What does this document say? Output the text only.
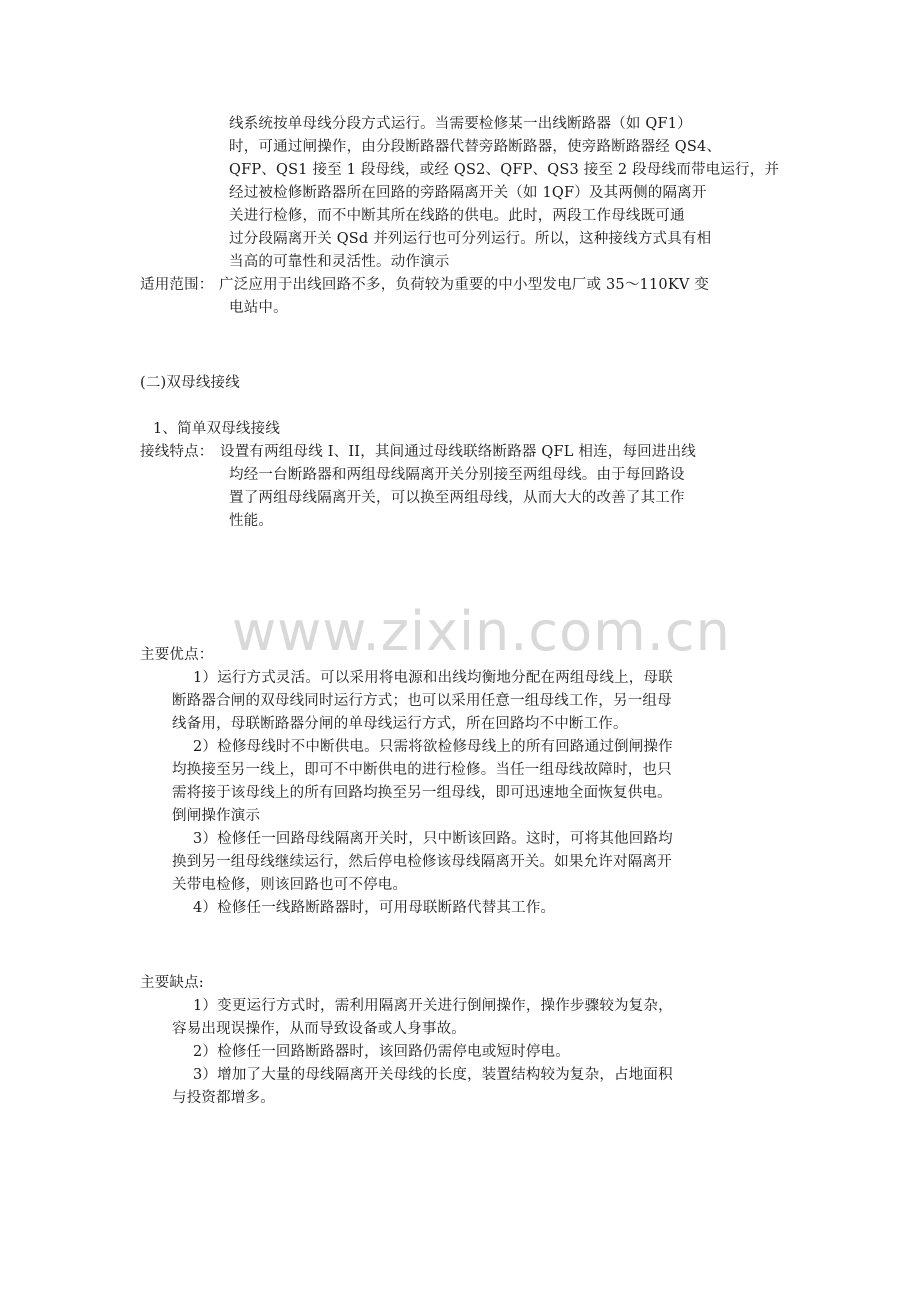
线系统按单母线分段方式运行。当需要检修某一出线断路器（如 QF1）
时，可通过闸操作，由分段断路器代替旁路断路器，使旁路断路器经 QS4、
QFP、QS1 接至 1 段母线，或经 QS2、QFP、QS3 接至 2 段母线而带电运行，并
经过被检修断路器所在回路的旁路隔离开关（如 1QF）及其两侧的隔离开
关进行检修，而不中断其所在线路的供电。此时，两段工作母线既可通
过分段隔离开关 QSd 并列运行也可分列运行。所以，这种接线方式具有相
当高的可靠性和灵活性。动作演示
适用范围： 广泛应用于出线回路不多，负荷较为重要的中小型发电厂或 35～110KV 变
电站中。
(二)双母线接线
1、简单双母线接线
接线特点： 设置有两组母线 I、II，其间通过母线联络断路器 QFL 相连，每回进出线
均经一台断路器和两组母线隔离开关分别接至两组母线。由于每回路设
置了两组母线隔离开关，可以换至两组母线，从而大大的改善了其工作
性能。
www.zixin.com.cn
主要优点：
1）运行方式灵活。可以采用将电源和出线均衡地分配在两组母线上，母联
断路器合闸的双母线同时运行方式；也可以采用任意一组母线工作，另一组母
线备用，母联断路器分闸的单母线运行方式，所在回路均不中断工作。
2）检修母线时不中断供电。只需将欲检修母线上的所有回路通过倒闸操作
均换接至另一线上，即可不中断供电的进行检修。当任一组母线故障时，也只
需将接于该母线上的所有回路均换至另一组母线，即可迅速地全面恢复供电。
倒闸操作演示
3）检修任一回路母线隔离开关时，只中断该回路。这时，可将其他回路均
换到另一组母线继续运行，然后停电检修该母线隔离开关。如果允许对隔离开
关带电检修，则该回路也可不停电。
4）检修任一线路断路器时，可用母联断路代替其工作。
主要缺点:
1）变更运行方式时，需利用隔离开关进行倒闸操作，操作步骤较为复杂，
容易出现误操作，从而导致设备或人身事故。
2）检修任一回路断路器时，该回路仍需停电或短时停电。
3）增加了大量的母线隔离开关母线的长度，装置结构较为复杂，占地面积
与投资都增多。
